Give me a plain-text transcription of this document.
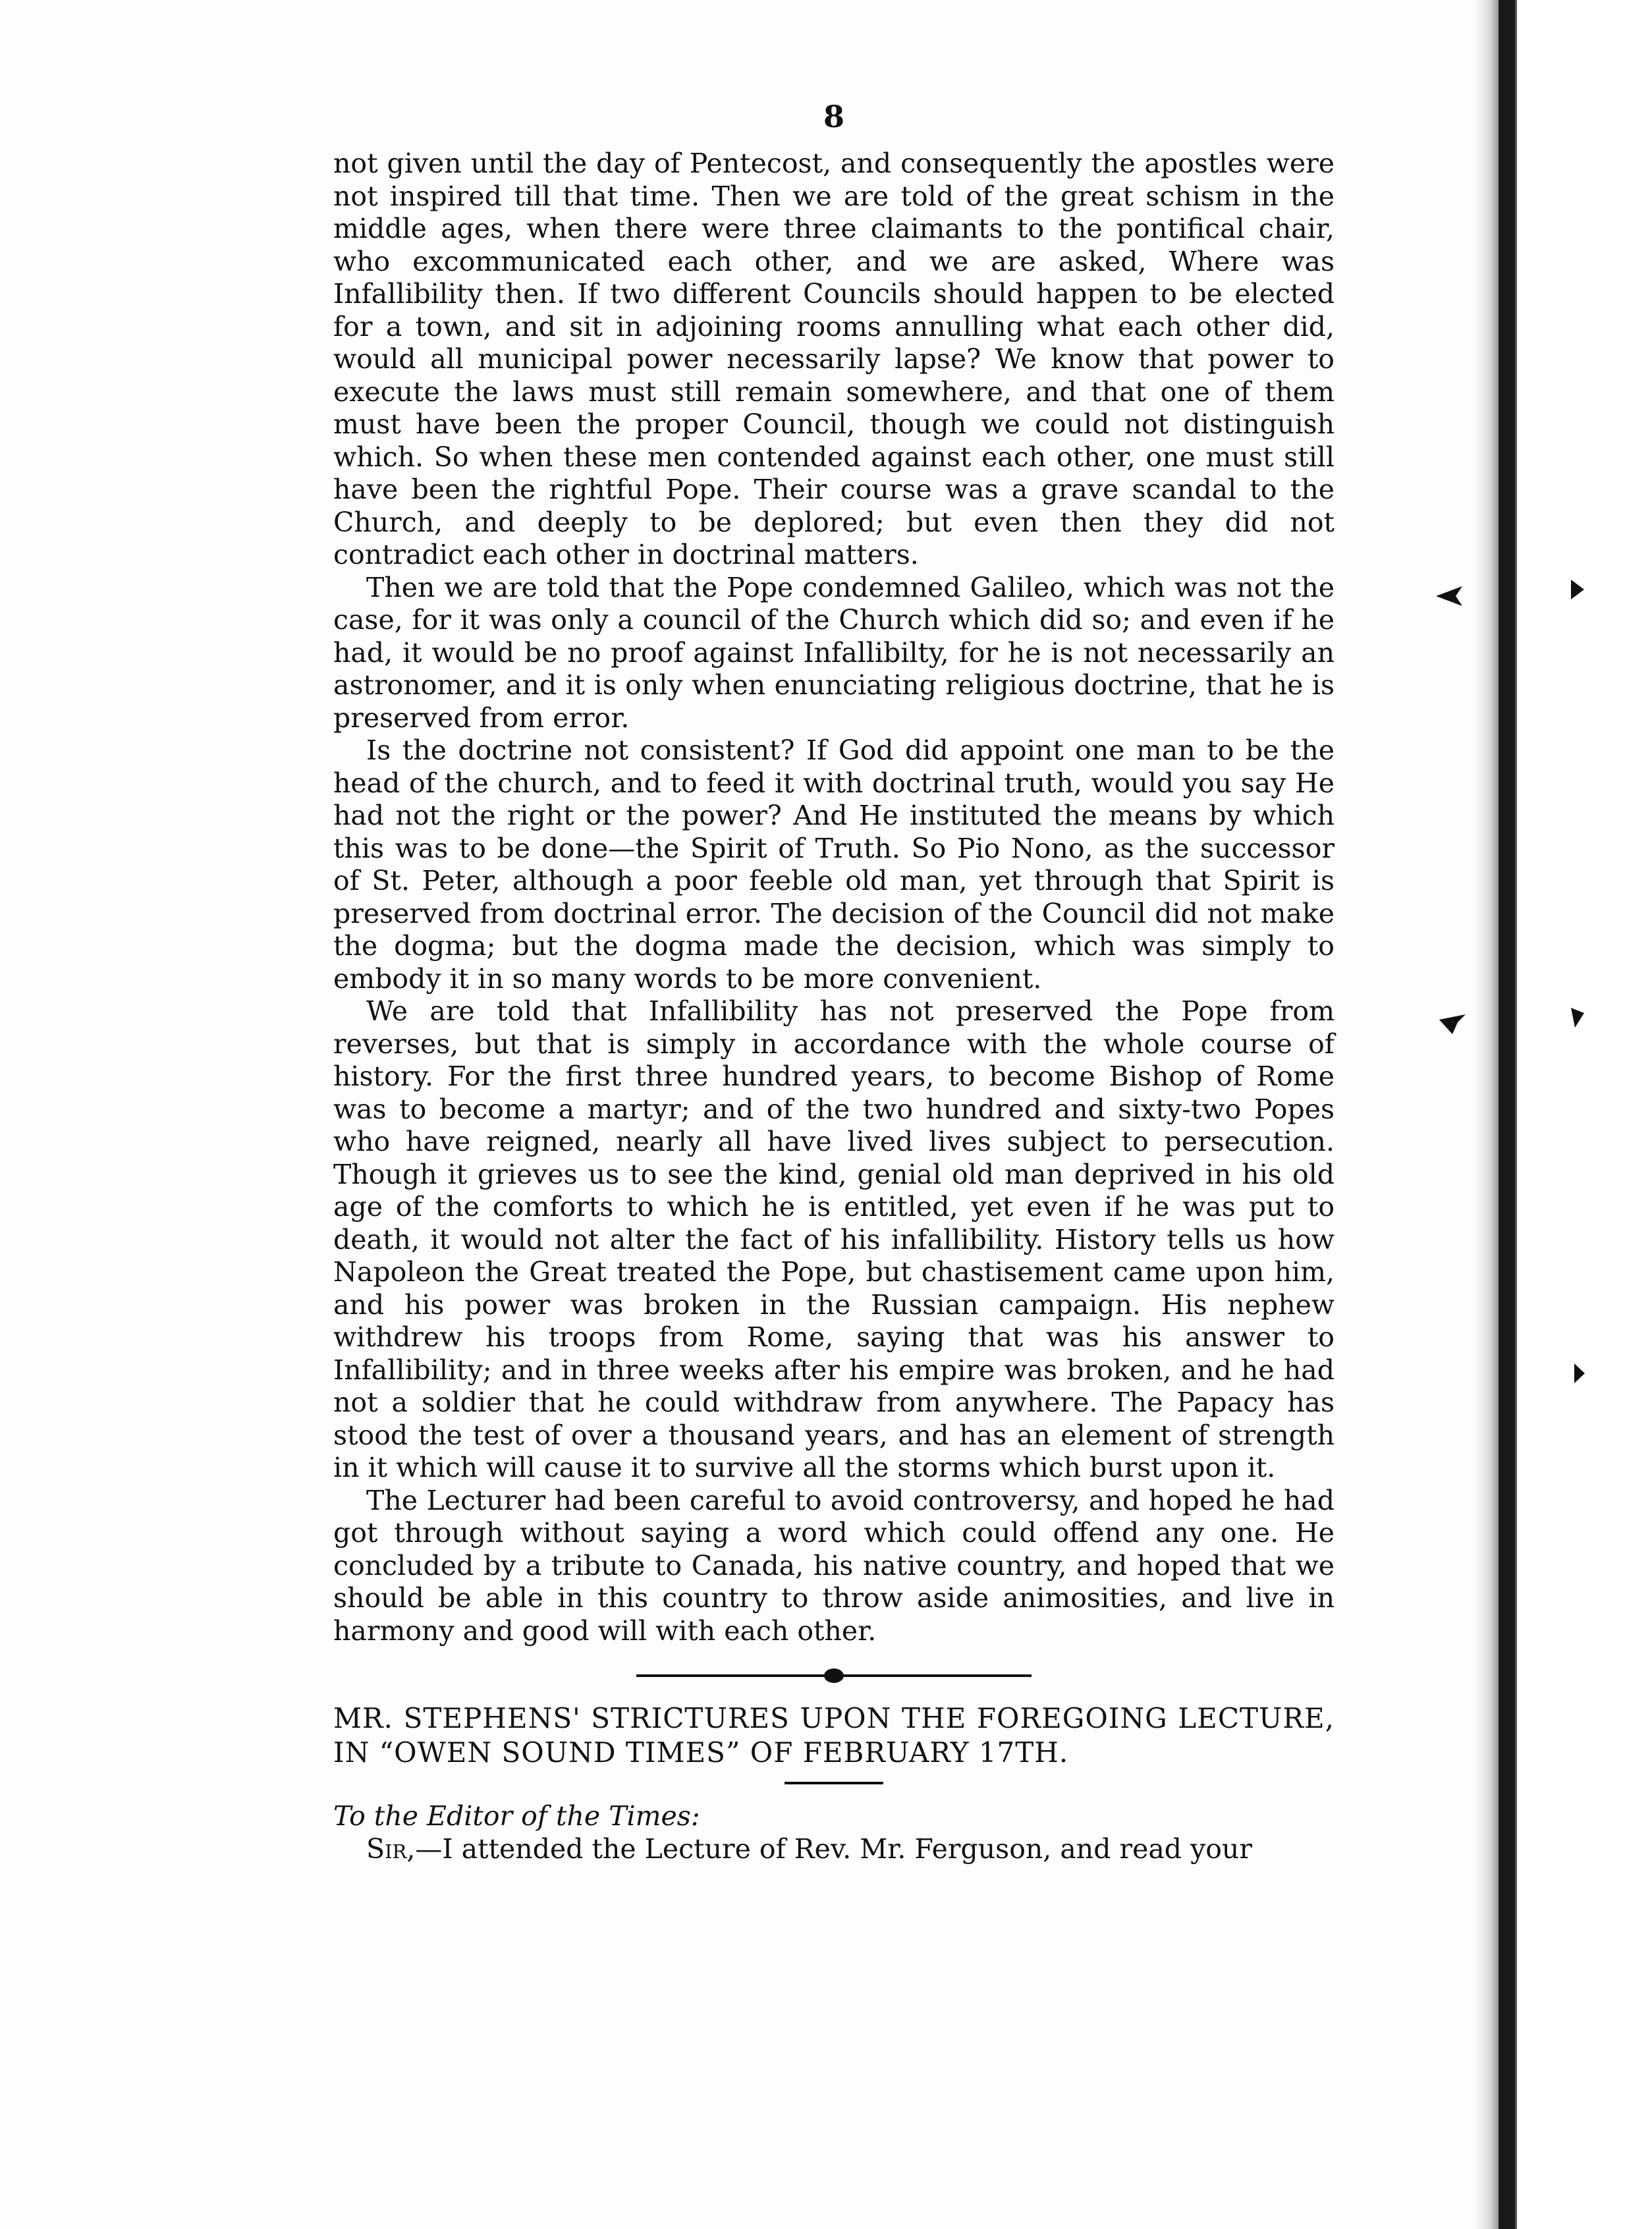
8

not given until the day of Pentecost, and consequently the apostles were not inspired till that time. Then we are told of the great schism in the middle ages, when there were three claimants to the pontifical chair, who excommunicated each other, and we are asked, Where was Infallibility then. If two different Councils should happen to be elected for a town, and sit in adjoining rooms annulling what each other did, would all municipal power necessarily lapse? We know that power to execute the laws must still remain somewhere, and that one of them must have been the proper Council, though we could not distinguish which. So when these men contended against each other, one must still have been the rightful Pope. Their course was a grave scandal to the Church, and deeply to be deplored; but even then they did not contradict each other in doctrinal matters.

Then we are told that the Pope condemned Galileo, which was not the case, for it was only a council of the Church which did so; and even if he had, it would be no proof against Infallibilty, for he is not necessarily an astronomer, and it is only when enunciating religious doctrine, that he is preserved from error.

Is the doctrine not consistent? If God did appoint one man to be the head of the church, and to feed it with doctrinal truth, would you say He had not the right or the power? And He instituted the means by which this was to be done—the Spirit of Truth. So Pio Nono, as the successor of St. Peter, although a poor feeble old man, yet through that Spirit is preserved from doctrinal error. The decision of the Council did not make the dogma; but the dogma made the decision, which was simply to embody it in so many words to be more convenient.

We are told that Infallibility has not preserved the Pope from reverses, but that is simply in accordance with the whole course of history. For the first three hundred years, to become Bishop of Rome was to become a martyr; and of the two hundred and sixty-two Popes who have reigned, nearly all have lived lives subject to persecution. Though it grieves us to see the kind, genial old man deprived in his old age of the comforts to which he is entitled, yet even if he was put to death, it would not alter the fact of his infallibility. History tells us how Napoleon the Great treated the Pope, but chastisement came upon him, and his power was broken in the Russian campaign. His nephew withdrew his troops from Rome, saying that was his answer to Infallibility; and in three weeks after his empire was broken, and he had not a soldier that he could withdraw from anywhere. The Papacy has stood the test of over a thousand years, and has an element of strength in it which will cause it to survive all the storms which burst upon it.

The Lecturer had been careful to avoid controversy, and hoped he had got through without saying a word which could offend any one. He concluded by a tribute to Canada, his native country, and hoped that we should be able in this country to throw aside animosities, and live in harmony and good will with each other.

MR. STEPHENS' STRICTURES UPON THE FOREGOING LECTURE, IN “OWEN SOUND TIMES” OF FEBRUARY 17TH.

To the Editor of the Times:

Sir,—I attended the Lecture of Rev. Mr. Ferguson, and read your
